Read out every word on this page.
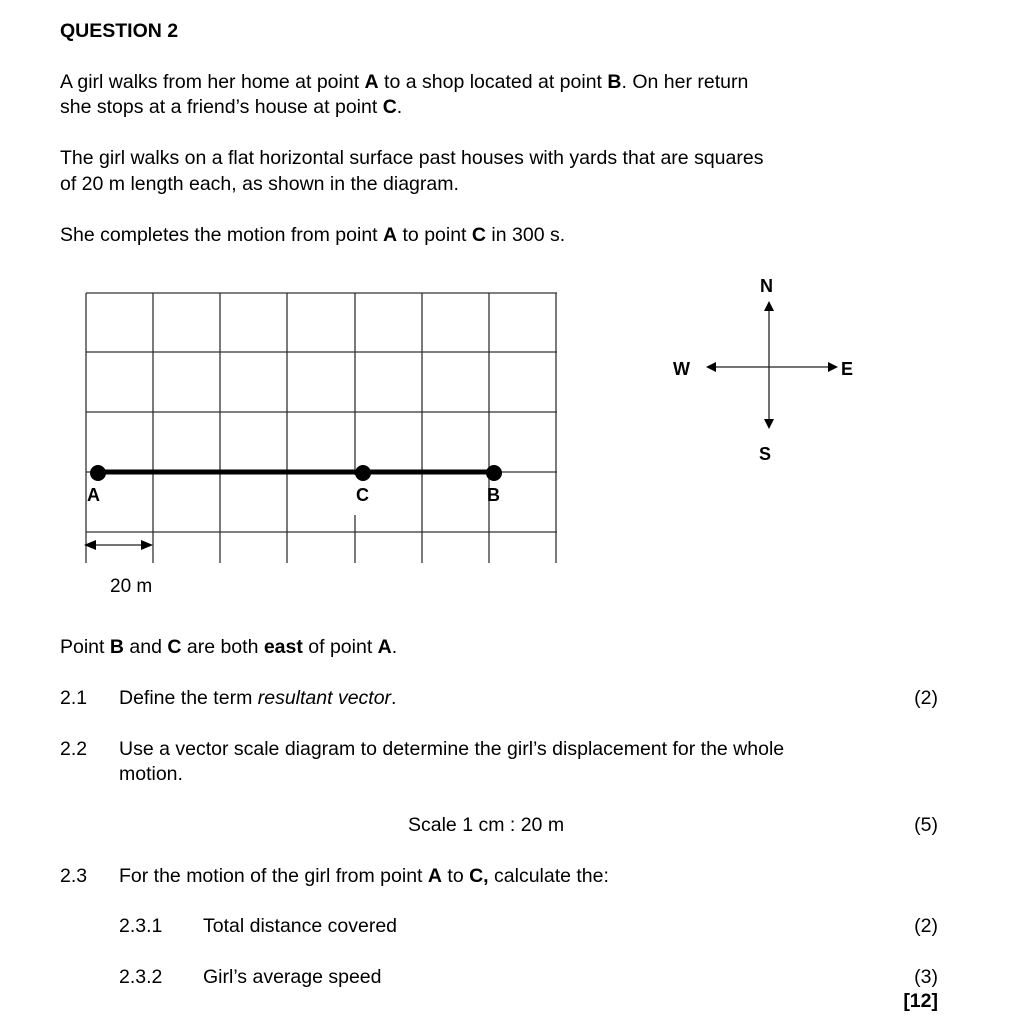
QUESTION 2
A girl walks from her home at point A to a shop located at point B. On her return
she stops at a friend’s house at point C.
The girl walks on a flat horizontal surface past houses with yards that are squares
of 20 m length each, as shown in the diagram.
She completes the motion from point A to point C in 300 s.
A	C	B
20 m
N
S
E
W
Point B and C are both east of point A.
2.1 Define the term resultant vector.	(2)
2.2 Use a vector scale diagram to determine the girl’s displacement for the whole
motion.
Scale 1 cm : 20 m	(5)
2.3 For the motion of the girl from point A to C, calculate the:
2.3.1 Total distance covered	(2)
2.3.2 Girl’s average speed	(3)
[12]
